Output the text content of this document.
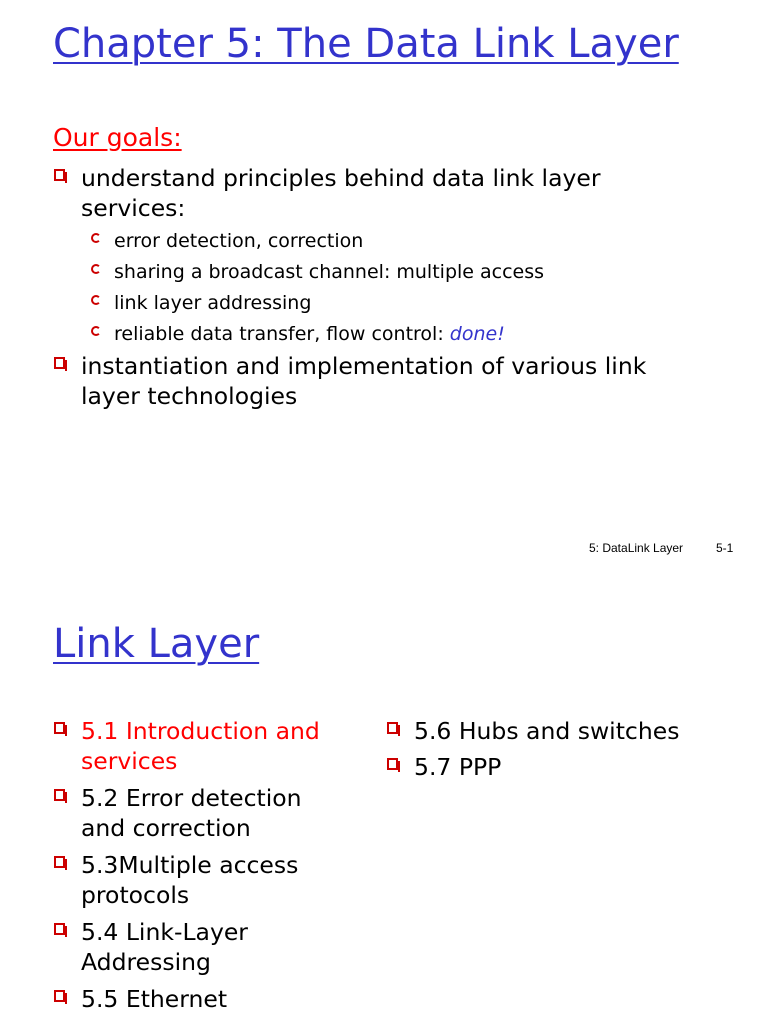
Chapter 5: The Data Link Layer
Our goals:
understand principles behind data link layer services:
error detection, correction
sharing a broadcast channel: multiple access
link layer addressing
reliable data transfer, flow control: done!
instantiation and implementation of various link layer technologies
5: DataLink Layer	5-1
Link Layer
5.1 Introduction and services
5.2 Error detection and correction
5.3Multiple access protocols
5.4 Link-Layer Addressing
5.5 Ethernet
5.6 Hubs and switches
5.7 PPP
